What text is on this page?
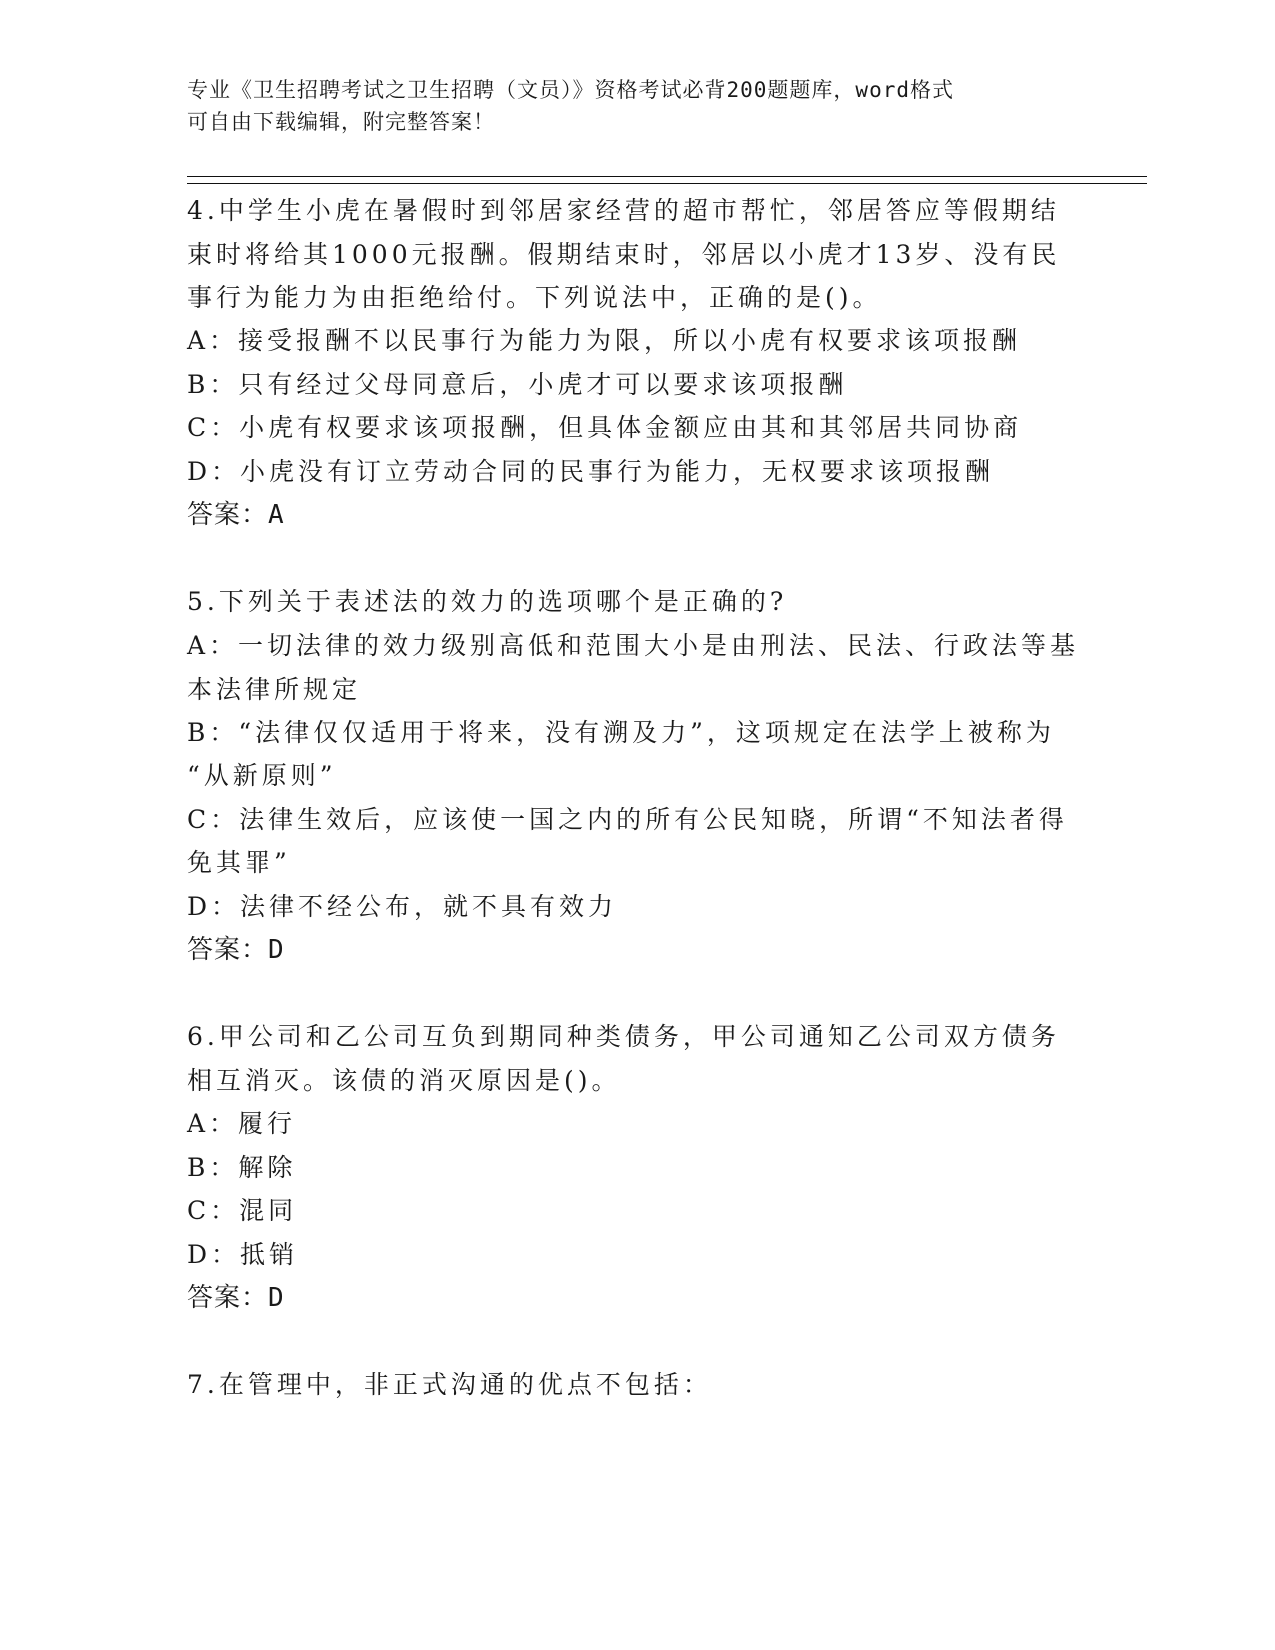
专业《卫生招聘考试之卫生招聘（文员）》资格考试必背200题题库，word格式
可自由下载编辑，附完整答案！
4.中学生小虎在暑假时到邻居家经营的超市帮忙，邻居答应等假期结
束时将给其1000元报酬。假期结束时，邻居以小虎才13岁、没有民
事行为能力为由拒绝给付。下列说法中，正确的是()。
A：接受报酬不以民事行为能力为限，所以小虎有权要求该项报酬
B：只有经过父母同意后，小虎才可以要求该项报酬
C：小虎有权要求该项报酬，但具体金额应由其和其邻居共同协商
D：小虎没有订立劳动合同的民事行为能力，无权要求该项报酬
答案：A
5.下列关于表述法的效力的选项哪个是正确的?
A：一切法律的效力级别高低和范围大小是由刑法、民法、行政法等基
本法律所规定
B：“法律仅仅适用于将来，没有溯及力”，这项规定在法学上被称为
“从新原则”
C：法律生效后，应该使一国之内的所有公民知晓，所谓“不知法者得
免其罪”
D：法律不经公布，就不具有效力
答案：D
6.甲公司和乙公司互负到期同种类债务，甲公司通知乙公司双方债务
相互消灭。该债的消灭原因是()。
A：履行
B：解除
C：混同
D：抵销
答案：D
7.在管理中，非正式沟通的优点不包括：
